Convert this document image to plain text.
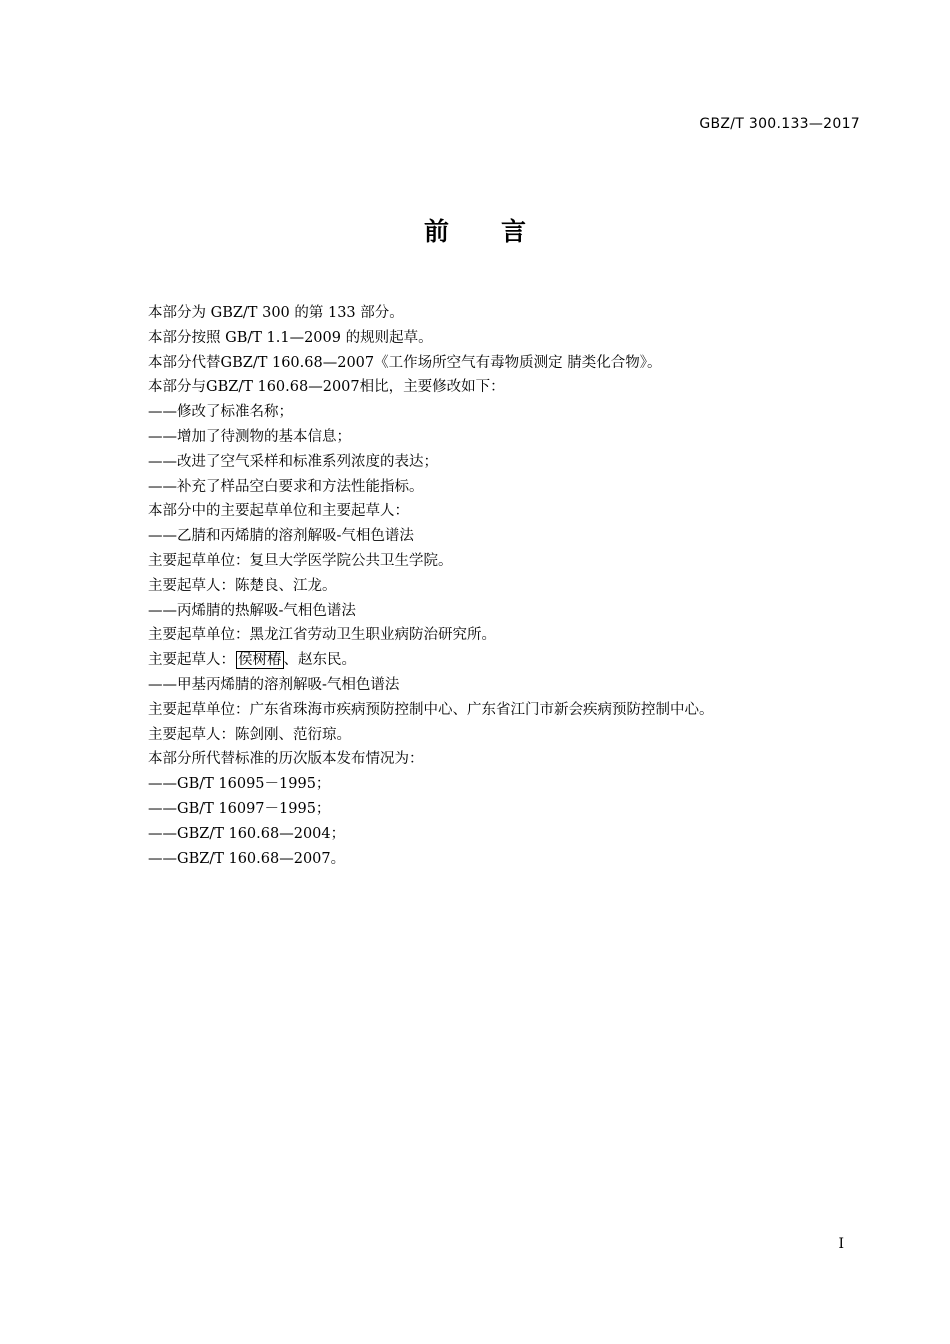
GBZ/T 300.133—2017
前言
本部分为 GBZ/T 300 的第 133 部分。
本部分按照 GB/T 1.1—2009 的规则起草。
本部分代替GBZ/T 160.68—2007《工作场所空气有毒物质测定 腈类化合物》。
本部分与GBZ/T 160.68—2007相比，主要修改如下：
——修改了标准名称；
——增加了待测物的基本信息；
——改进了空气采样和标准系列浓度的表达；
——补充了样品空白要求和方法性能指标。
本部分中的主要起草单位和主要起草人：
——乙腈和丙烯腈的溶剂解吸-气相色谱法
主要起草单位：复旦大学医学院公共卫生学院。
主要起草人：陈楚良、江龙。
——丙烯腈的热解吸-气相色谱法
主要起草单位：黑龙江省劳动卫生职业病防治研究所。
主要起草人： 侯树椿 、赵东民。
——甲基丙烯腈的溶剂解吸-气相色谱法
主要起草单位：广东省珠海市疾病预防控制中心、广东省江门市新会疾病预防控制中心。
主要起草人：陈剑刚、范衍琼。
本部分所代替标准的历次版本发布情况为：
——GB/T 16095－1995；
——GB/T 16097－1995；
——GBZ/T 160.68—2004；
——GBZ/T 160.68—2007。
I
